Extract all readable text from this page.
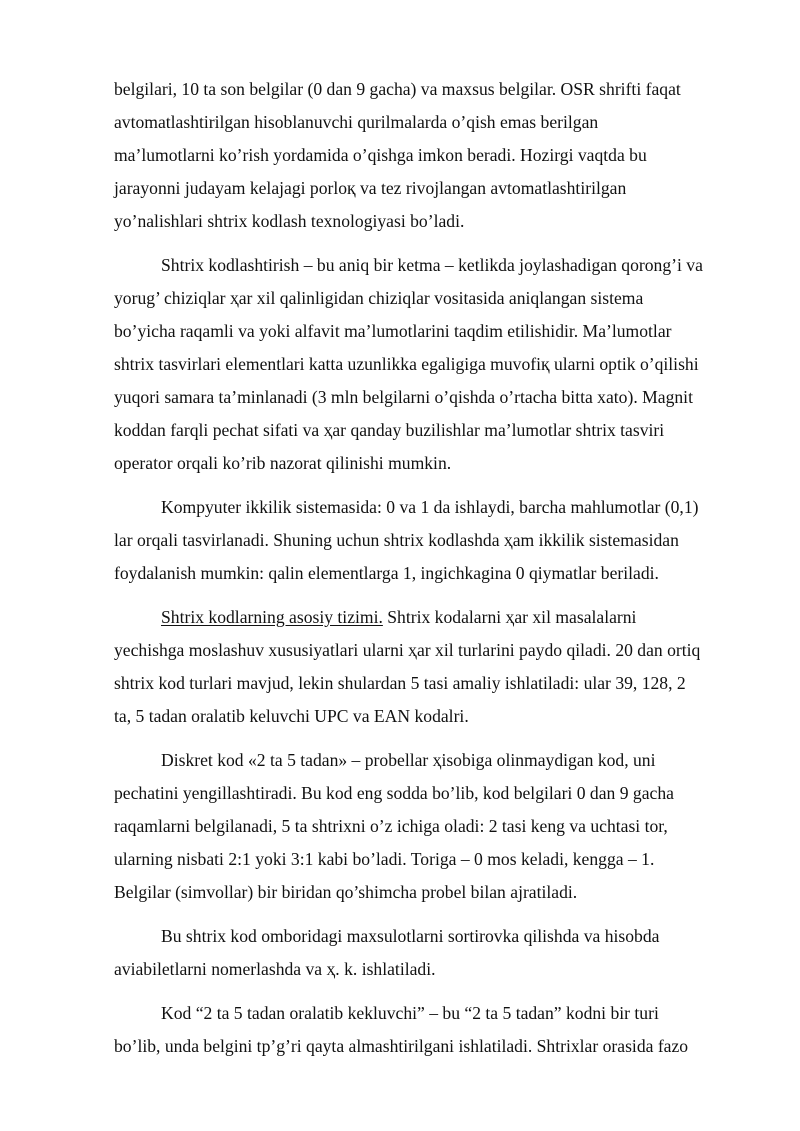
belgilari, 10 ta son belgilar (0 dan 9 gacha) va maxsus belgilar. OSR shrifti faqat
avtomatlashtirilgan hisoblanuvchi qurilmalarda o’qish emas berilgan
ma’lumotlarni ko’rish yordamida o’qishga imkon beradi. Hozirgi vaqtda bu
jarayonni judayam kelajagi porloқ va tez rivojlangan avtomatlashtirilgan
yo’nalishlari shtrix kodlash texnologiyasi bo’ladi.
Shtrix kodlashtirish – bu aniq bir ketma – ketlikda joylashadigan qorong’i va
yorug’ chiziqlar ҳar xil qalinligidan chiziqlar vositasida aniqlangan sistema
bo’yicha raqamli va yoki alfavit ma’lumotlarini taqdim etilishidir. Ma’lumotlar
shtrix tasvirlari elementlari katta uzunlikka egaligiga muvofiқ ularni optik o’qilishi
yuqori samara ta’minlanadi (3 mln belgilarni o’qishda o’rtacha bitta xato). Magnit
koddan farqli pechat sifati va ҳar qanday buzilishlar ma’lumotlar shtrix tasviri
operator orqali ko’rib nazorat qilinishi mumkin.
Kompyuter ikkilik sistemasida: 0 va 1 da ishlaydi, barcha mahlumotlar (0,1)
lar orqali tasvirlanadi. Shuning uchun shtrix kodlashda ҳam ikkilik sistemasidan
foydalanish mumkin: qalin elementlarga 1, ingichkagina 0 qiymatlar beriladi.
Shtrix kodlarning asosiy tizimi. Shtrix kodalarni ҳar xil masalalarni
yechishga moslashuv xususiyatlari ularni ҳar xil turlarini paydo qiladi. 20 dan ortiq
shtrix kod turlari mavjud, lekin shulardan 5 tasi amaliy ishlatiladi: ular 39, 128, 2
ta, 5 tadan oralatib keluvchi UPC va EAN kodalri.
Diskret kod «2 ta 5 tadan» – probellar ҳisobiga olinmaydigan kod, uni
pechatini yengillashtiradi. Bu kod eng sodda bo’lib, kod belgilari 0 dan 9 gacha
raqamlarni belgilanadi, 5 ta shtrixni o’z ichiga oladi: 2 tasi keng va uchtasi tor,
ularning nisbati 2:1 yoki 3:1 kabi bo’ladi. Toriga – 0 mos keladi, kengga – 1.
Belgilar (simvollar) bir biridan qo’shimcha probel bilan ajratiladi.
Bu shtrix kod omboridagi maxsulotlarni sortirovka qilishda va hisobda
aviabiletlarni nomerlashda va ҳ. k. ishlatiladi.
Kod “2 ta 5 tadan oralatib kekluvchi” – bu “2 ta 5 tadan” kodni bir turi
bo’lib, unda belgini tp’g’ri qayta almashtirilgani ishlatiladi. Shtrixlar orasida fazo
